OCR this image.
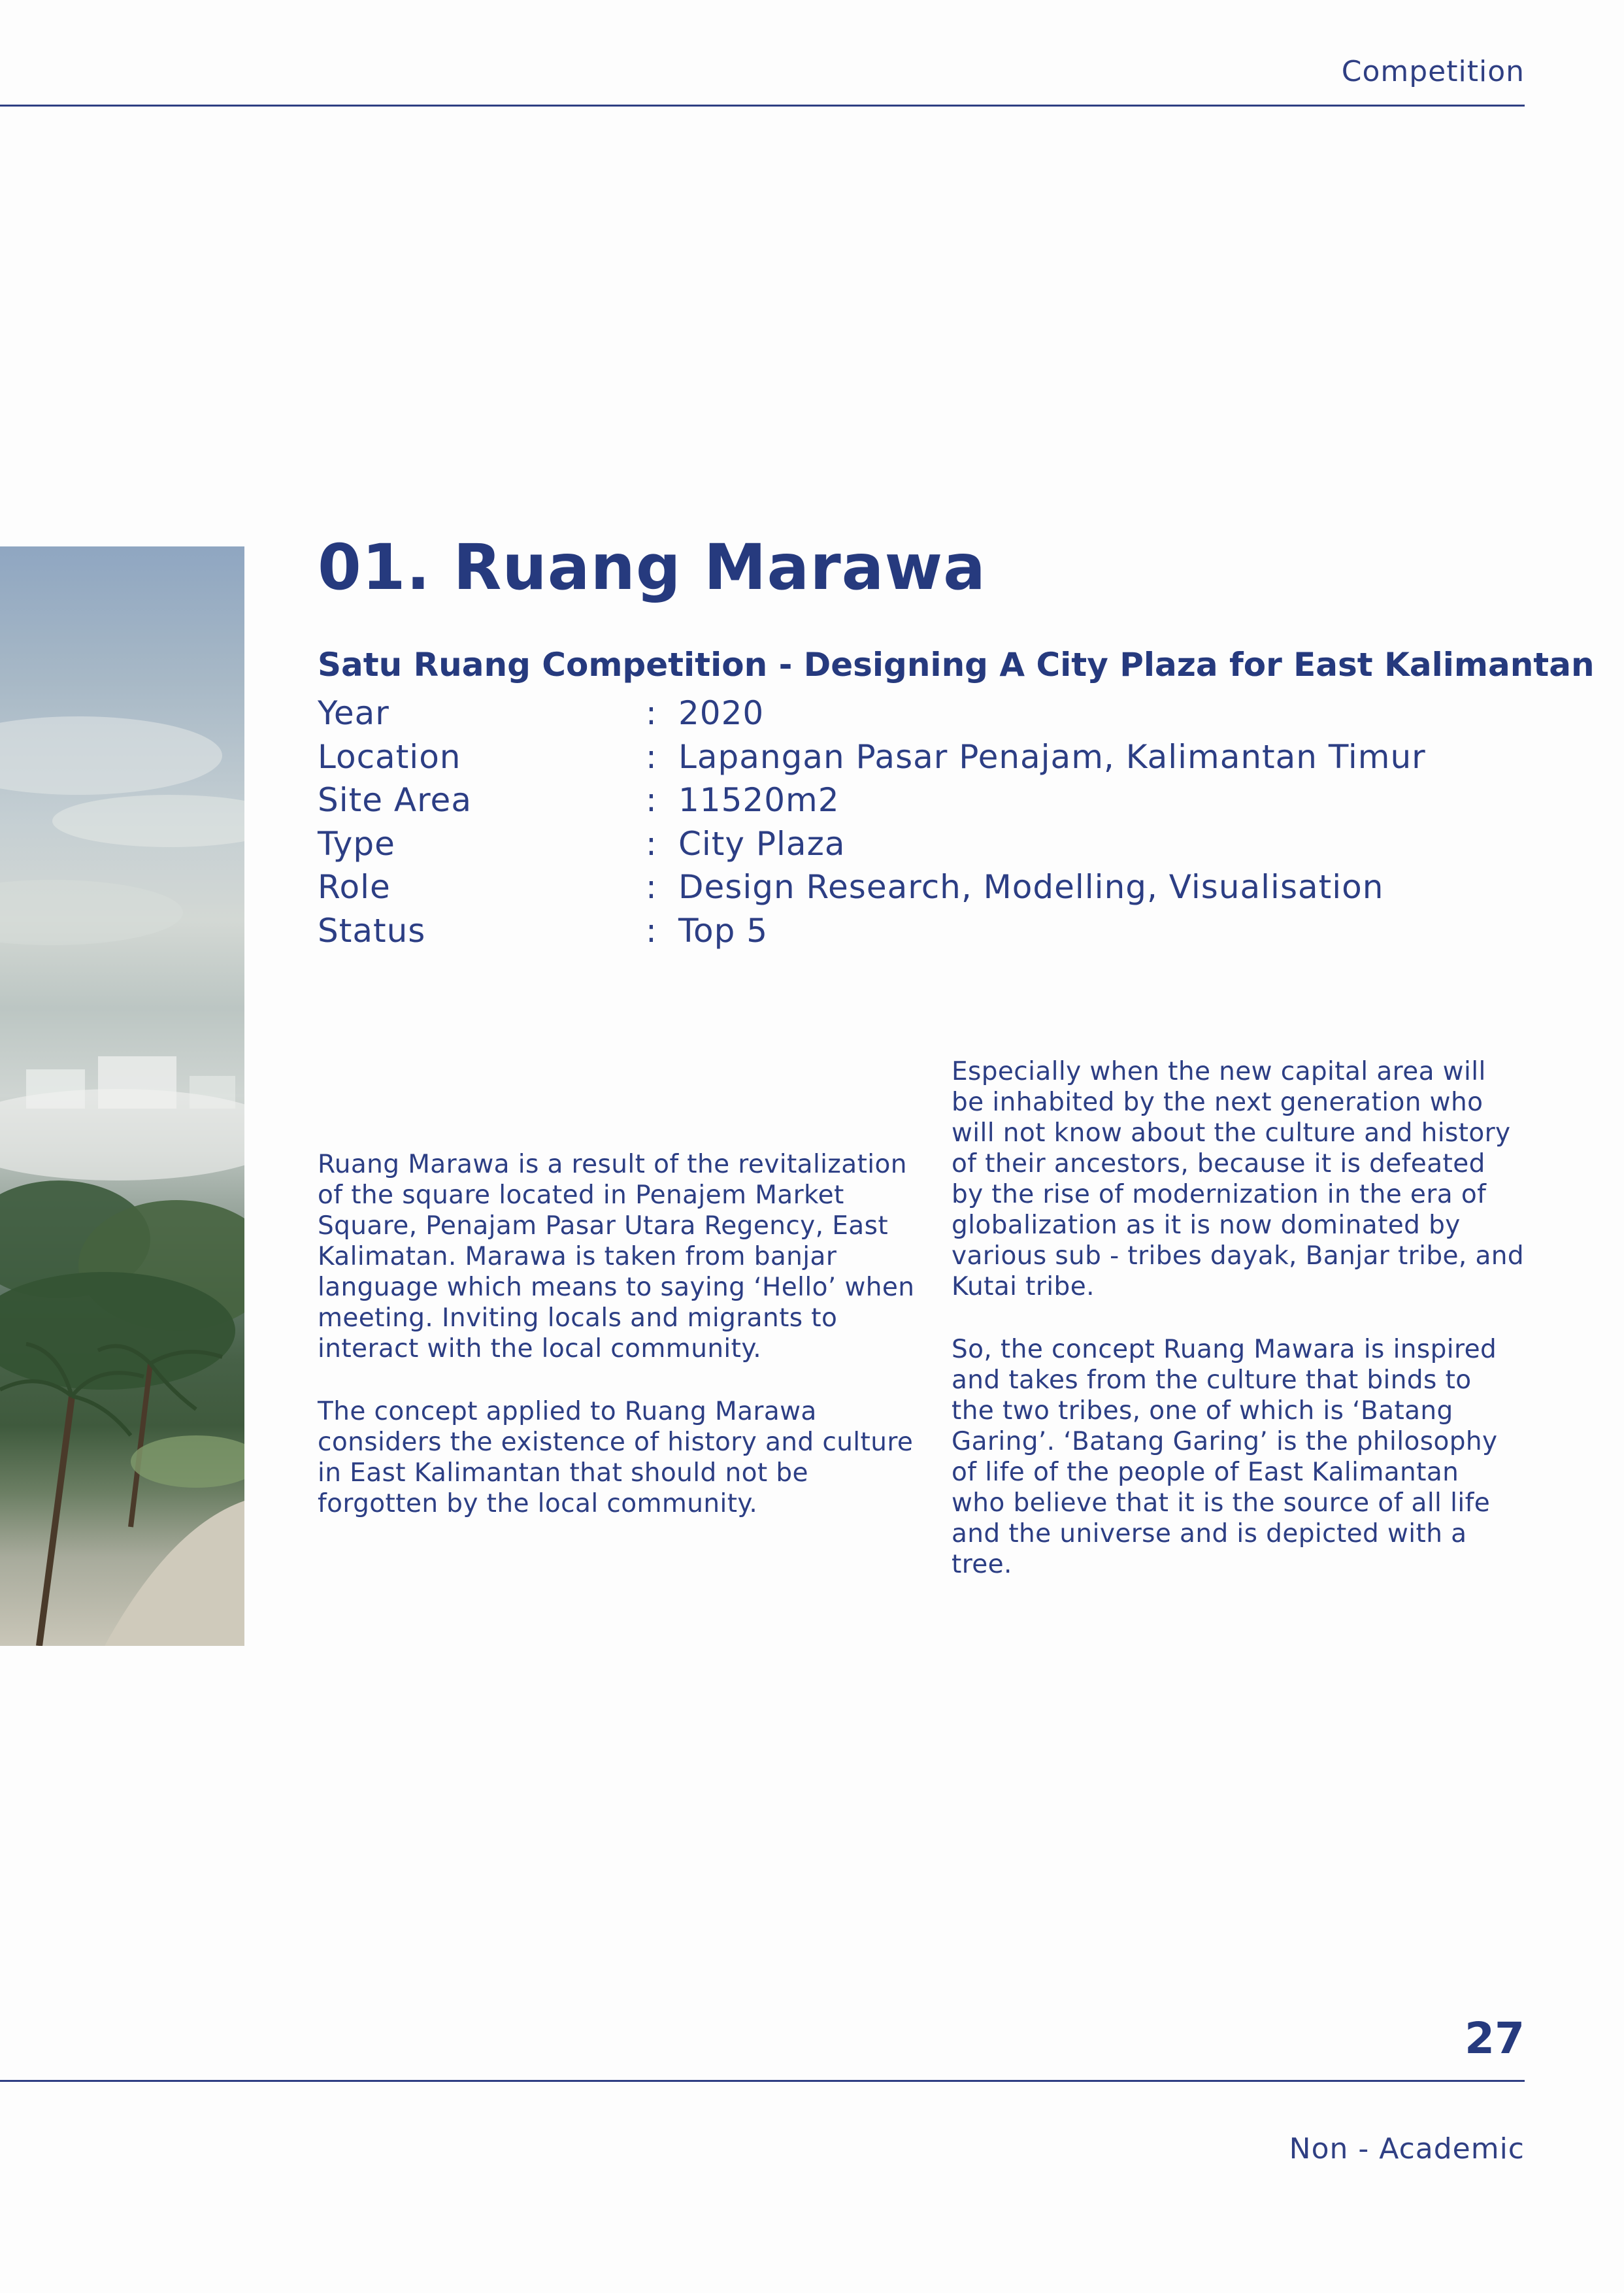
Competition
01. Ruang Marawa
Satu Ruang Competition - Designing A City Plaza for East Kalimantan
Year	: 2020
Location	: Lapangan Pasar Penajam, Kalimantan Timur
Site Area	: 11520m2
Type	: City Plaza
Role	: Design Research, Modelling, Visualisation
Status	: Top 5

Ruang Marawa is a result of the revitalization
of the square located in Penajem Market
Square, Penajam Pasar Utara Regency, East
Kalimatan. Marawa is taken from banjar
language which means to saying ‘Hello’ when
meeting. Inviting locals and migrants to
interact with the local community.

The concept applied to Ruang Marawa
considers the existence of history and culture
in East Kalimantan that should not be
forgotten by the local community.

Especially when the new capital area will
be inhabited by the next generation who
will not know about the culture and history
of their ancestors, because it is defeated
by the rise of modernization in the era of
globalization as it is now dominated by
various sub - tribes dayak, Banjar tribe, and
Kutai tribe.

So, the concept Ruang Mawara is inspired
and takes from the culture that binds to
the two tribes, one of which is ‘Batang
Garing’. ‘Batang Garing’ is the philosophy
of life of the people of East Kalimantan
who believe that it is the source of all life
and the universe and is depicted with a
tree.

27
Non - Academic
